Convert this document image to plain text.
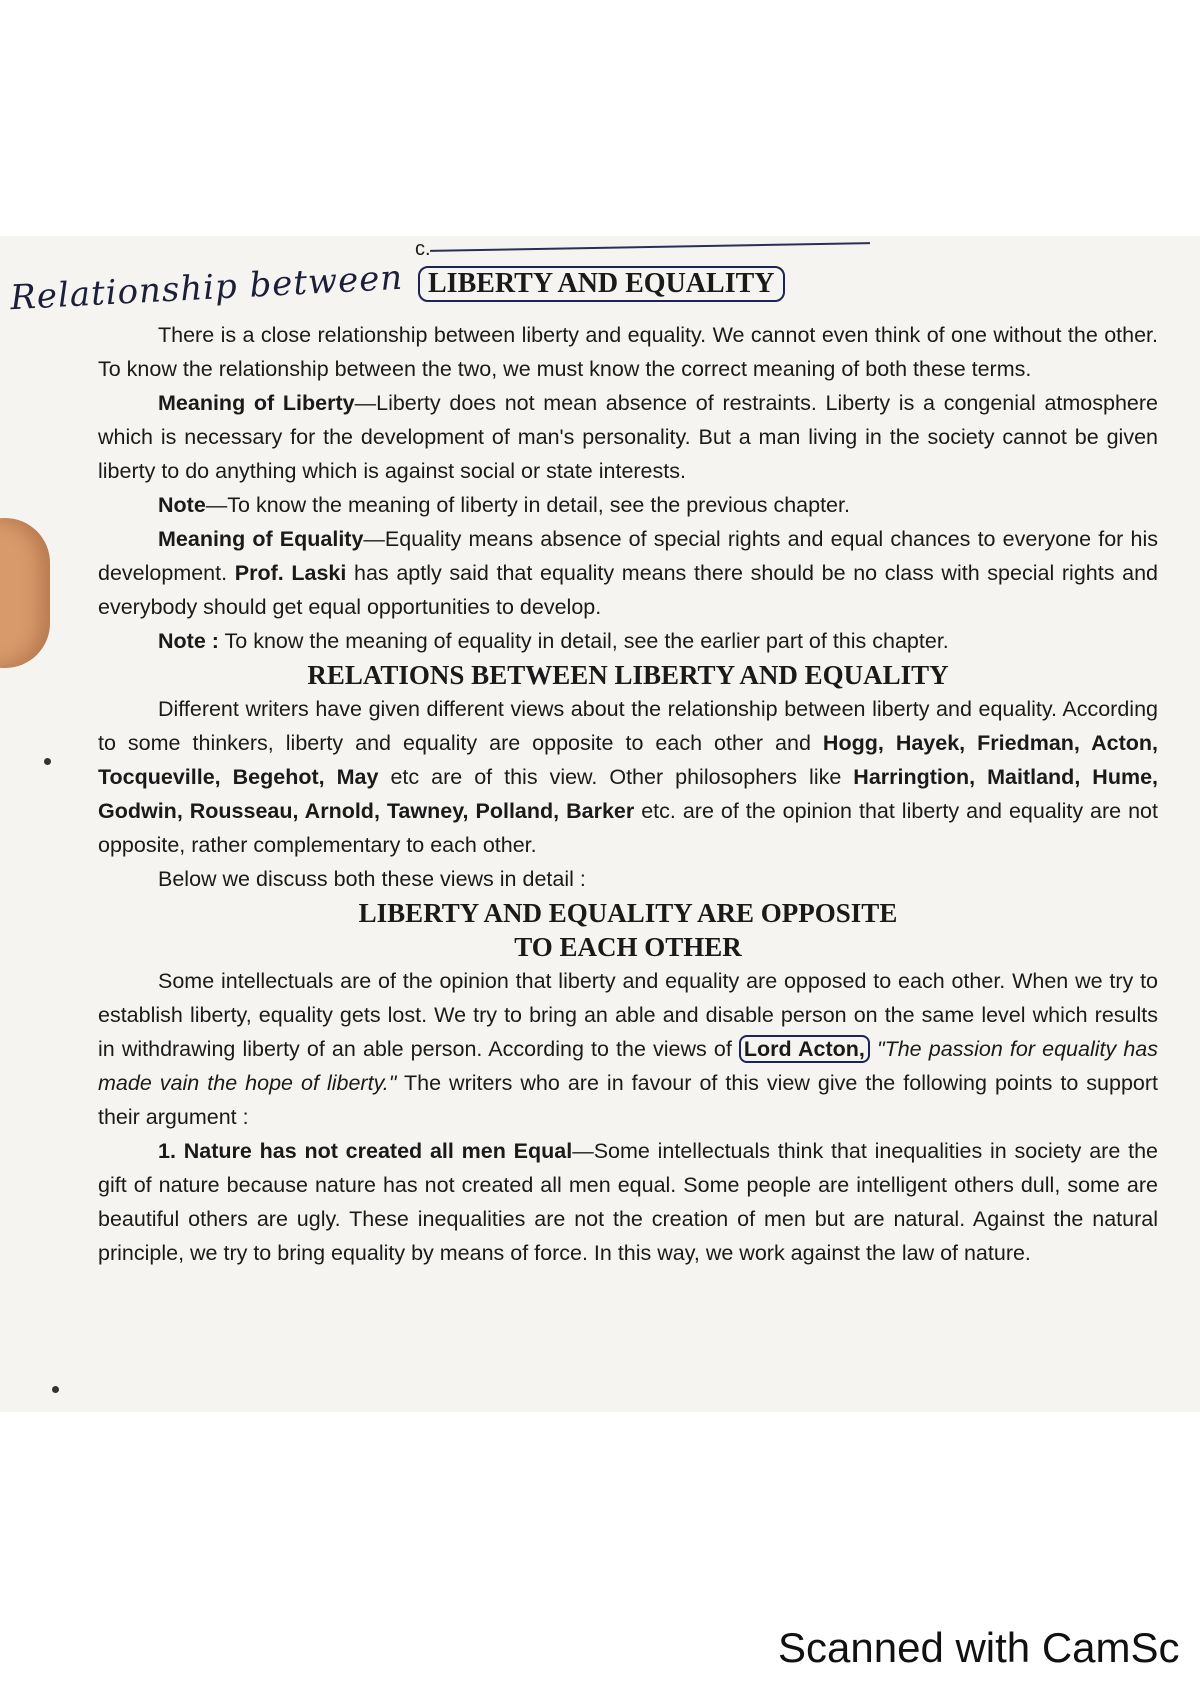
Relationship between

c.

LIBERTY AND EQUALITY

There is a close relationship between liberty and equality. We cannot even think of one without the other. To know the relationship between the two, we must know the correct meaning of both these terms.

Meaning of Liberty—Liberty does not mean absence of restraints. Liberty is a congenial atmosphere which is necessary for the development of man's personality. But a man living in the society cannot be given liberty to do anything which is against social or state interests.

Note—To know the meaning of liberty in detail, see the previous chapter.

Meaning of Equality—Equality means absence of special rights and equal chances to everyone for his development. Prof. Laski has aptly said that equality means there should be no class with special rights and everybody should get equal opportunities to develop.

Note : To know the meaning of equality in detail, see the earlier part of this chapter.

RELATIONS BETWEEN LIBERTY AND EQUALITY

Different writers have given different views about the relationship between liberty and equality. According to some thinkers, liberty and equality are opposite to each other and Hogg, Hayek, Friedman, Acton, Tocqueville, Begehot, May etc are of this view. Other philosophers like Harringtion, Maitland, Hume, Godwin, Rousseau, Arnold, Tawney, Polland, Barker etc. are of the opinion that liberty and equality are not opposite, rather complementary to each other.

Below we discuss both these views in detail :

LIBERTY AND EQUALITY ARE OPPOSITE
TO EACH OTHER

Some intellectuals are of the opinion that liberty and equality are opposed to each other. When we try to establish liberty, equality gets lost. We try to bring an able and disable person on the same level which results in withdrawing liberty of an able person. According to the views of Lord Acton, "The passion for equality has made vain the hope of liberty." The writers who are in favour of this view give the following points to support their argument :

1. Nature has not created all men Equal—Some intellectuals think that inequalities in society are the gift of nature because nature has not created all men equal. Some people are intelligent others dull, some are beautiful others are ugly. These inequalities are not the creation of men but are natural. Against the natural principle, we try to bring equality by means of force. In this way, we work against the law of nature.

Scanned with CamSc
